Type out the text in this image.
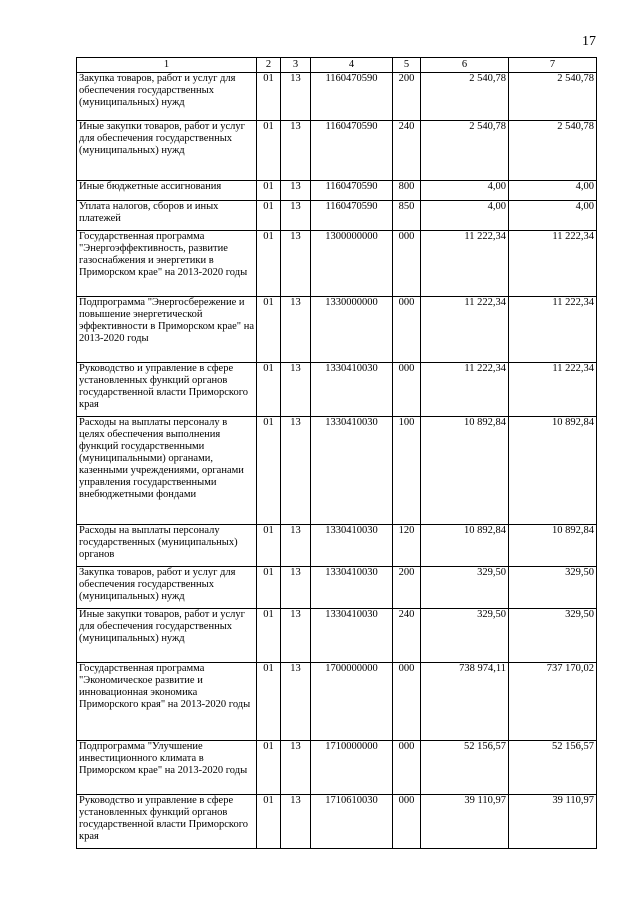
17
1	2	3	4	5	6	7
Закупка товаров, работ и услуг для обеспечения государственных (муниципальных) нужд	01	13	1160470590	200	2 540,78	2 540,78
Иные закупки товаров, работ и услуг для обеспечения государственных (муниципальных) нужд	01	13	1160470590	240	2 540,78	2 540,78
Иные бюджетные ассигнования	01	13	1160470590	800	4,00	4,00
Уплата налогов, сборов и иных платежей	01	13	1160470590	850	4,00	4,00
Государственная программа "Энергоэффективность, развитие газоснабжения и энергетики в Приморском крае" на 2013-2020 годы	01	13	1300000000	000	11 222,34	11 222,34
Подпрограмма "Энергосбережение и повышение энергетической эффективности в Приморском крае" на 2013-2020 годы	01	13	1330000000	000	11 222,34	11 222,34
Руководство и управление в сфере установленных функций органов государственной власти Приморского края	01	13	1330410030	000	11 222,34	11 222,34
Расходы на выплаты персоналу в целях обеспечения выполнения функций государственными (муниципальными) органами, казенными учреждениями, органами управления государственными внебюджетными фондами	01	13	1330410030	100	10 892,84	10 892,84
Расходы на выплаты персоналу государственных (муниципальных) органов	01	13	1330410030	120	10 892,84	10 892,84
Закупка товаров, работ и услуг для обеспечения государственных (муниципальных) нужд	01	13	1330410030	200	329,50	329,50
Иные закупки товаров, работ и услуг для обеспечения государственных (муниципальных) нужд	01	13	1330410030	240	329,50	329,50
Государственная программа "Экономическое развитие и инновационная экономика Приморского края" на 2013-2020 годы	01	13	1700000000	000	738 974,11	737 170,02
Подпрограмма "Улучшение инвестиционного климата в Приморском крае" на 2013-2020 годы	01	13	1710000000	000	52 156,57	52 156,57
Руководство и управление в сфере установленных функций органов государственной власти Приморского края	01	13	1710610030	000	39 110,97	39 110,97
